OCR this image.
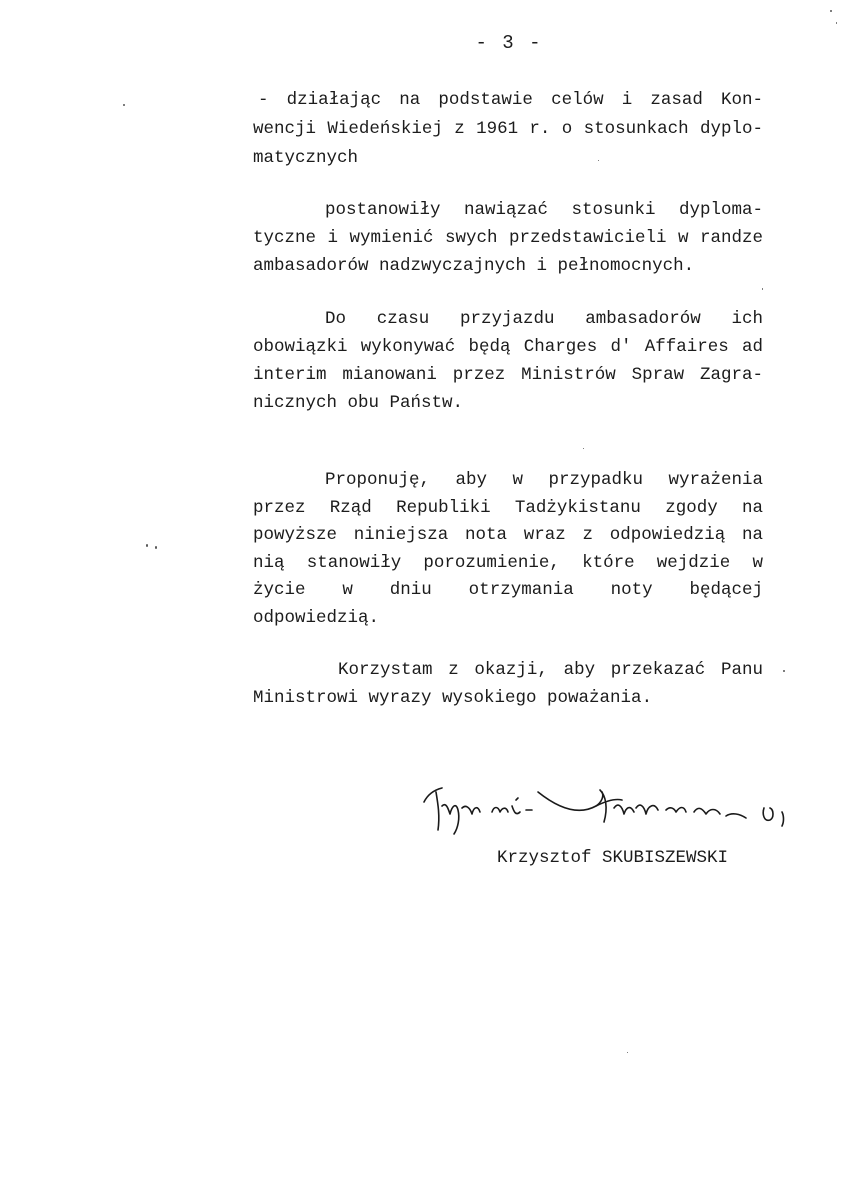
- 3 -
- działając na podstawie celów i zasad Kon-
wencji Wiedeńskiej z 1961 r. o stosunkach dyplo-
matycznych
postanowiły nawiązać stosunki dyploma-
tyczne i wymienić swych przedstawicieli w randze
ambasadorów nadzwyczajnych i pełnomocnych.
Do czasu przyjazdu ambasadorów ich
obowiązki wykonywać będą Charges d' Affaires ad
interim mianowani przez Ministrów Spraw Zagra-
nicznych obu Państw.
Proponuję, aby w przypadku wyrażenia
przez Rząd Republiki Tadżykistanu zgody na
powyższe niniejsza nota wraz z odpowiedzią na
nią stanowiły porozumienie, które wejdzie w
życie w dniu otrzymania noty będącej
odpowiedzią.
Korzystam z okazji, aby przekazać Panu
Ministrowi wyrazy wysokiego poważania.
Krzysztof SKUBISZEWSKI
